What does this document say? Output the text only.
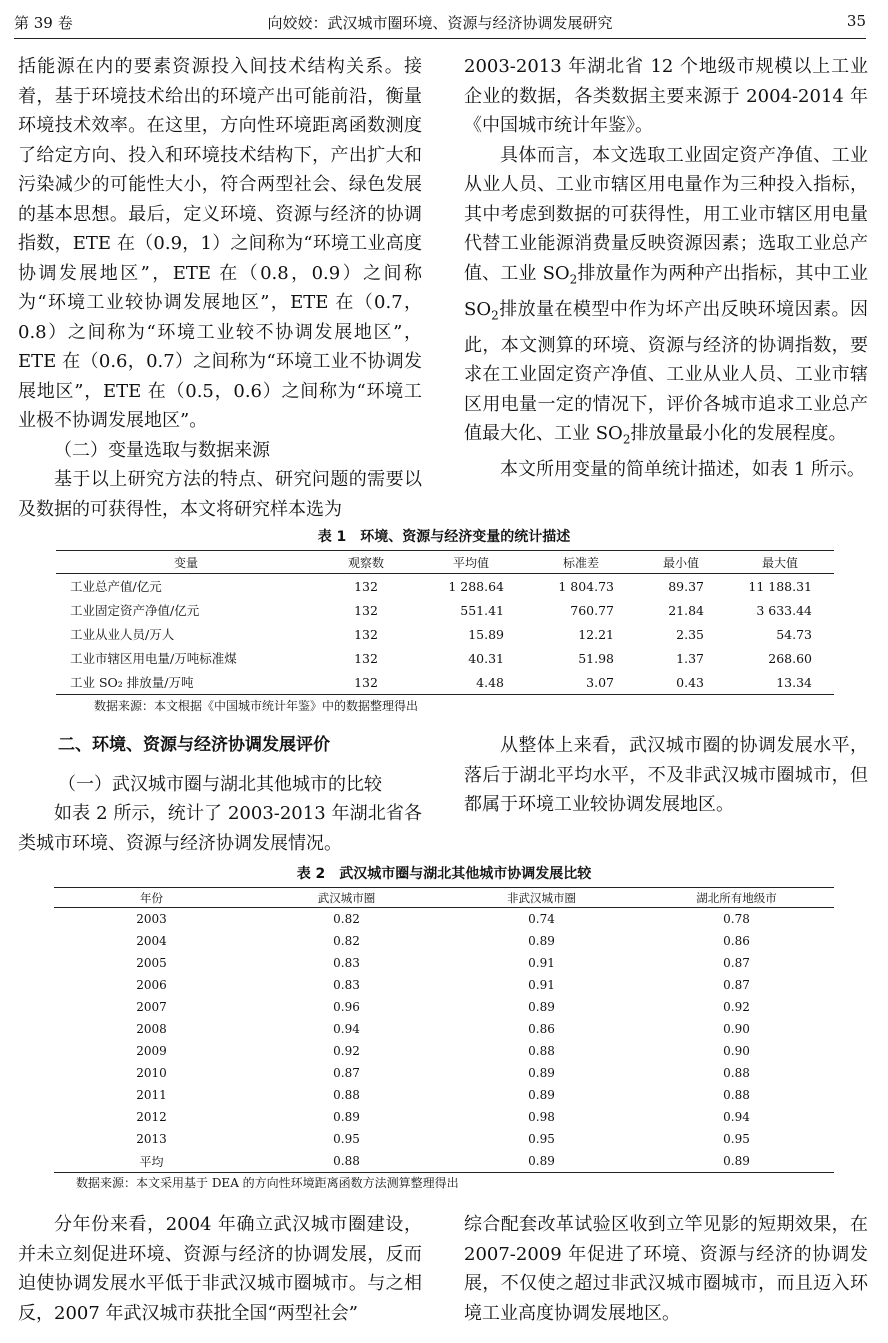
第 39 卷	向姣姣：武汉城市圈环境、资源与经济协调发展研究	35

括能源在内的要素资源投入间技术结构关系。接着，基于环境技术给出的环境产出可能前沿，衡量环境技术效率。在这里，方向性环境距离函数测度了给定方向、投入和环境技术结构下，产出扩大和污染减少的可能性大小，符合两型社会、绿色发展的基本思想。最后，定义环境、资源与经济的协调指数，ETE 在（0.9，1）之间称为“环境工业高度协调发展地区”，ETE 在（0.8，0.9）之间称为“环境工业较协调发展地区”，ETE 在（0.7，0.8）之间称为“环境工业较不协调发展地区”，ETE 在（0.6，0.7）之间称为“环境工业不协调发展地区”，ETE 在（0.5，0.6）之间称为“环境工业极不协调发展地区”。

（二）变量选取与数据来源

基于以上研究方法的特点、研究问题的需要以及数据的可获得性，本文将研究样本选为

2003-2013 年湖北省 12 个地级市规模以上工业企业的数据，各类数据主要来源于 2004-2014 年《中国城市统计年鉴》。

具体而言，本文选取工业固定资产净值、工业从业人员、工业市辖区用电量作为三种投入指标，其中考虑到数据的可获得性，用工业市辖区用电量代替工业能源消费量反映资源因素；选取工业总产值、工业 $SO_2$排放量作为两种产出指标，其中工业 $SO_2$排放量在模型中作为坏产出反映环境因素。因此，本文测算的环境、资源与经济的协调指数，要求在工业固定资产净值、工业从业人员、工业市辖区用电量一定的情况下，评价各城市追求工业总产值最大化、工业 $SO_2$排放量最小化的发展程度。

本文所用变量的简单统计描述，如表 1 所示。

表 1　环境、资源与经济变量的统计描述
变量	观察数	平均值	标准差	最小值	最大值
工业总产值/亿元	132	1 288.64	1 804.73	89.37	11 188.31
工业固定资产净值/亿元	132	551.41	760.77	21.84	3 633.44
工业从业人员/万人	132	15.89	12.21	2.35	54.73
工业市辖区用电量/万吨标准煤	132	40.31	51.98	1.37	268.60
工业 SO₂ 排放量/万吨	132	4.48	3.07	0.43	13.34
数据来源：本文根据《中国城市统计年鉴》中的数据整理得出
二、环境、资源与经济协调发展评价
（一）武汉城市圈与湖北其他城市的比较

如表 2 所示，统计了 2003-2013 年湖北省各类城市环境、资源与经济协调发展情况。

从整体上来看，武汉城市圈的协调发展水平，落后于湖北平均水平，不及非武汉城市圈城市，但都属于环境工业较协调发展地区。

表 2　武汉城市圈与湖北其他城市协调发展比较
年份	武汉城市圈	非武汉城市圈	湖北所有地级市
2003	0.82	0.74	0.78
2004	0.82	0.89	0.86
2005	0.83	0.91	0.87
2006	0.83	0.91	0.87
2007	0.96	0.89	0.92
2008	0.94	0.86	0.90
2009	0.92	0.88	0.90
2010	0.87	0.89	0.88
2011	0.88	0.89	0.88
2012	0.89	0.98	0.94
2013	0.95	0.95	0.95
平均	0.88	0.89	0.89
数据来源：本文采用基于 DEA 的方向性环境距离函数方法测算整理得出

分年份来看，2004 年确立武汉城市圈建设，并未立刻促进环境、资源与经济的协调发展，反而迫使协调发展水平低于非武汉城市圈城市。与之相反，2007 年武汉城市获批全国“两型社会”

综合配套改革试验区收到立竿见影的短期效果，在 2007-2009 年促进了环境、资源与经济的协调发展，不仅使之超过非武汉城市圈城市，而且迈入环境工业高度协调发展地区。
